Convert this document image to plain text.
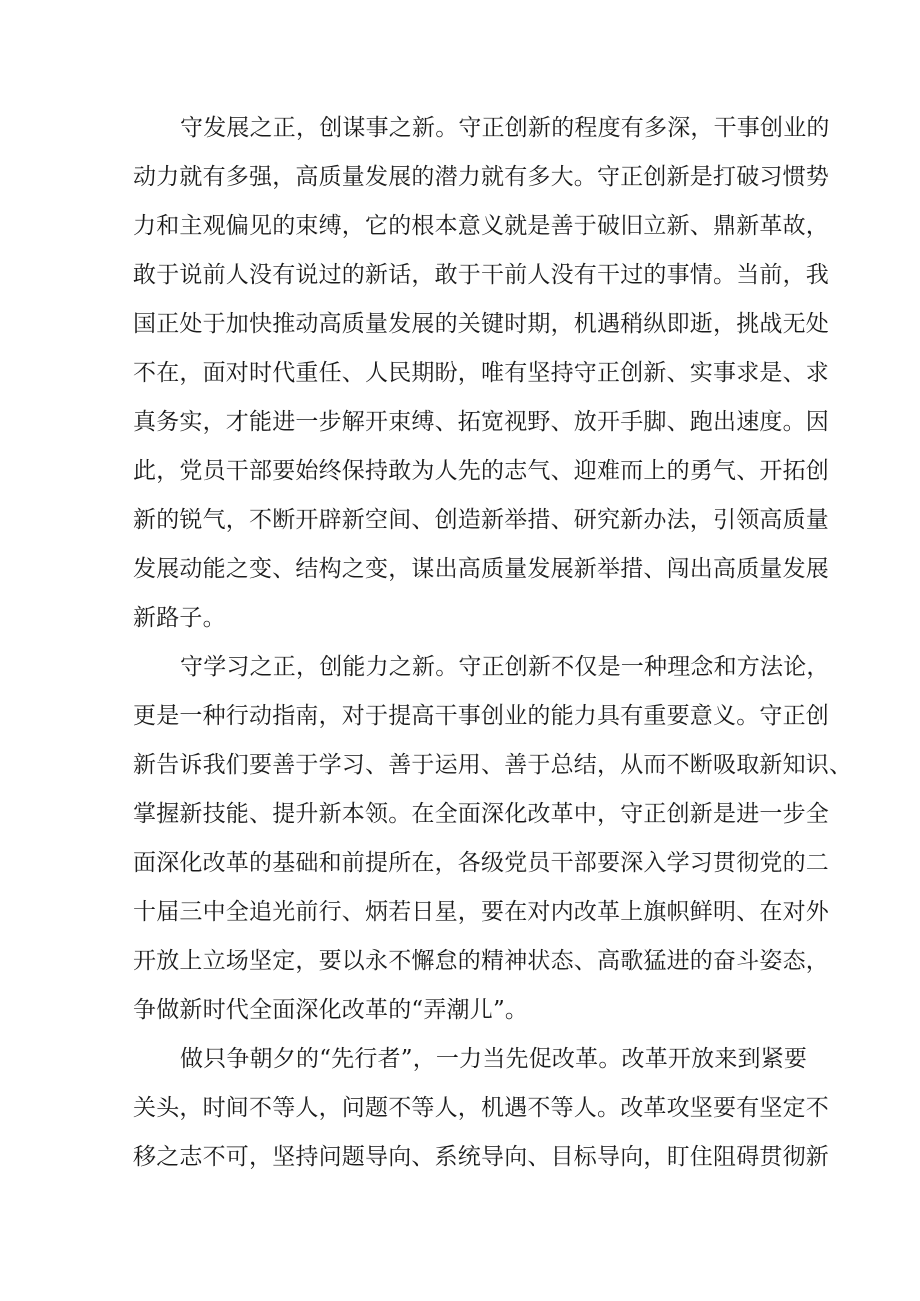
守发展之正，创谋事之新。守正创新的程度有多深，干事创业的
动力就有多强，高质量发展的潜力就有多大。守正创新是打破习惯势
力和主观偏见的束缚，它的根本意义就是善于破旧立新、鼎新革故，
敢于说前人没有说过的新话，敢于干前人没有干过的事情。当前，我
国正处于加快推动高质量发展的关键时期，机遇稍纵即逝，挑战无处
不在，面对时代重任、人民期盼，唯有坚持守正创新、实事求是、求
真务实，才能进一步解开束缚、拓宽视野、放开手脚、跑出速度。因
此，党员干部要始终保持敢为人先的志气、迎难而上的勇气、开拓创
新的锐气，不断开辟新空间、创造新举措、研究新办法，引领高质量
发展动能之变、结构之变，谋出高质量发展新举措、闯出高质量发展
新路子。
守学习之正，创能力之新。守正创新不仅是一种理念和方法论，
更是一种行动指南，对于提高干事创业的能力具有重要意义。守正创
新告诉我们要善于学习、善于运用、善于总结，从而不断吸取新知识、
掌握新技能、提升新本领。在全面深化改革中，守正创新是进一步全
面深化改革的基础和前提所在，各级党员干部要深入学习贯彻党的二
十届三中全追光前行、炳若日星，要在对内改革上旗帜鲜明、在对外
开放上立场坚定，要以永不懈怠的精神状态、高歌猛进的奋斗姿态，
争做新时代全面深化改革的“弄潮儿”。
做只争朝夕的“先行者”，一力当先促改革。改革开放来到紧要
关头，时间不等人，问题不等人，机遇不等人。改革攻坚要有坚定不
移之志不可，坚持问题导向、系统导向、目标导向，盯住阻碍贯彻新
